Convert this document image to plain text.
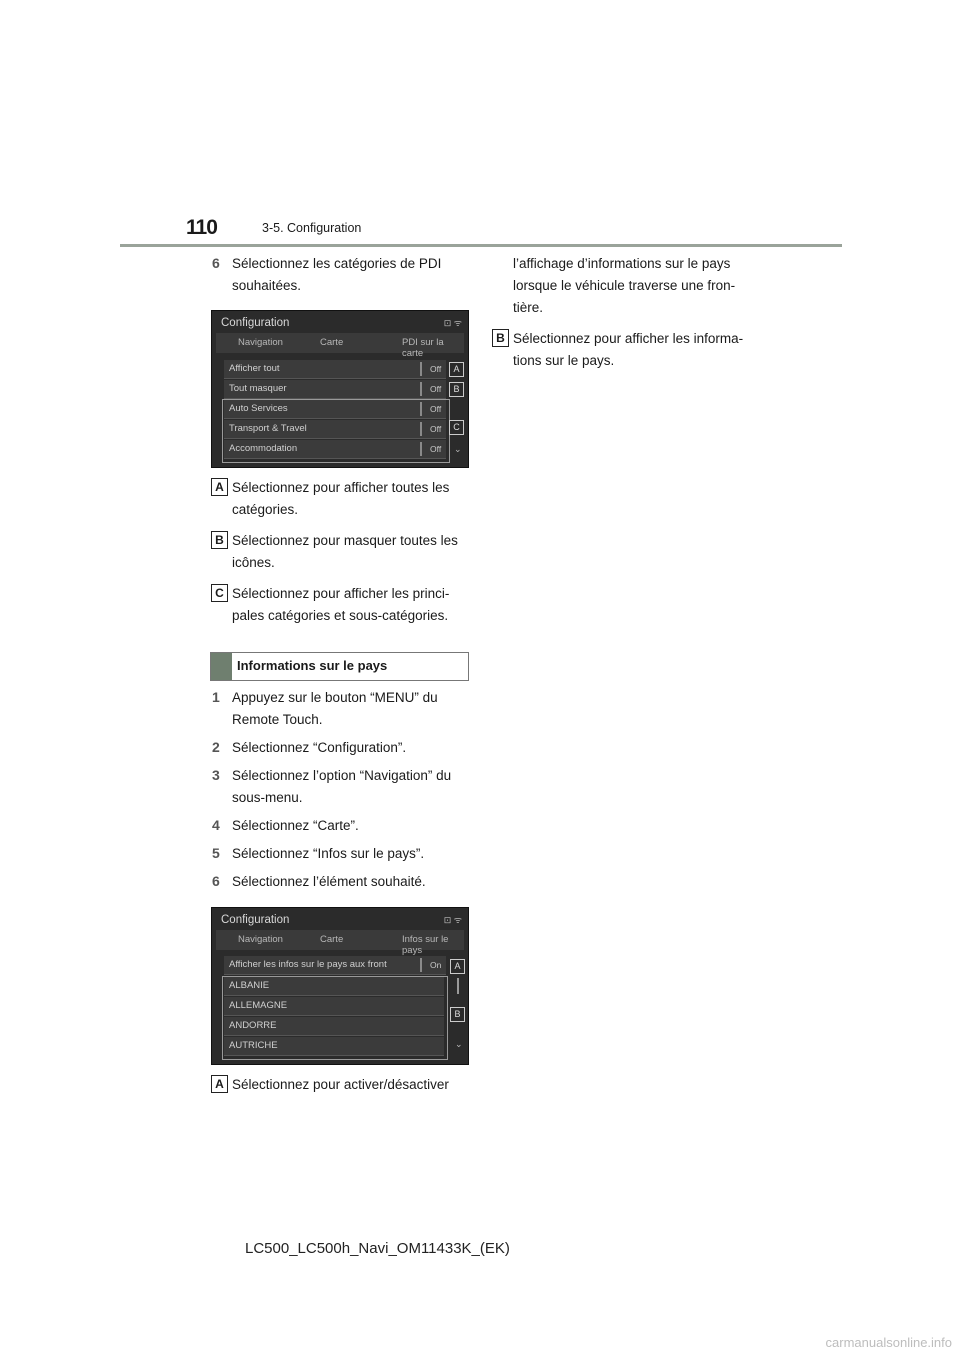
110	3-5. Configuration
6 Sélectionnez les catégories de PDI
souhaitées.
Configuration	⊡ ᯤ
Navigation	Carte	PDI sur la carte
Afficher tout	Off
Tout masquer	Off
Auto Services	Off
Transport & Travel	Off
Accommodation	Off
A
B
C
⌄
A Sélectionnez pour afficher toutes les
catégories.
B Sélectionnez pour masquer toutes les
icônes.
C Sélectionnez pour afficher les princi-
pales catégories et sous-catégories.
Informations sur le pays
1 Appuyez sur le bouton “MENU” du
Remote Touch.
2 Sélectionnez “Configuration”.
3 Sélectionnez l’option “Navigation” du
sous-menu.
4 Sélectionnez “Carte”.
5 Sélectionnez “Infos sur le pays”.
6 Sélectionnez l’élément souhaité.
Configuration	⊡ ᯤ
Navigation	Carte	Infos sur le pays
Afficher les infos sur le pays aux front	On
ALBANIE
ALLEMAGNE
ANDORRE
AUTRICHE
A
B
⌄
A Sélectionnez pour activer/désactiver
l’affichage d’informations sur le pays
lorsque le véhicule traverse une fron-
tière.
B Sélectionnez pour afficher les informa-
tions sur le pays.
LC500_LC500h_Navi_OM11433K_(EK)
carmanualsonline.info
